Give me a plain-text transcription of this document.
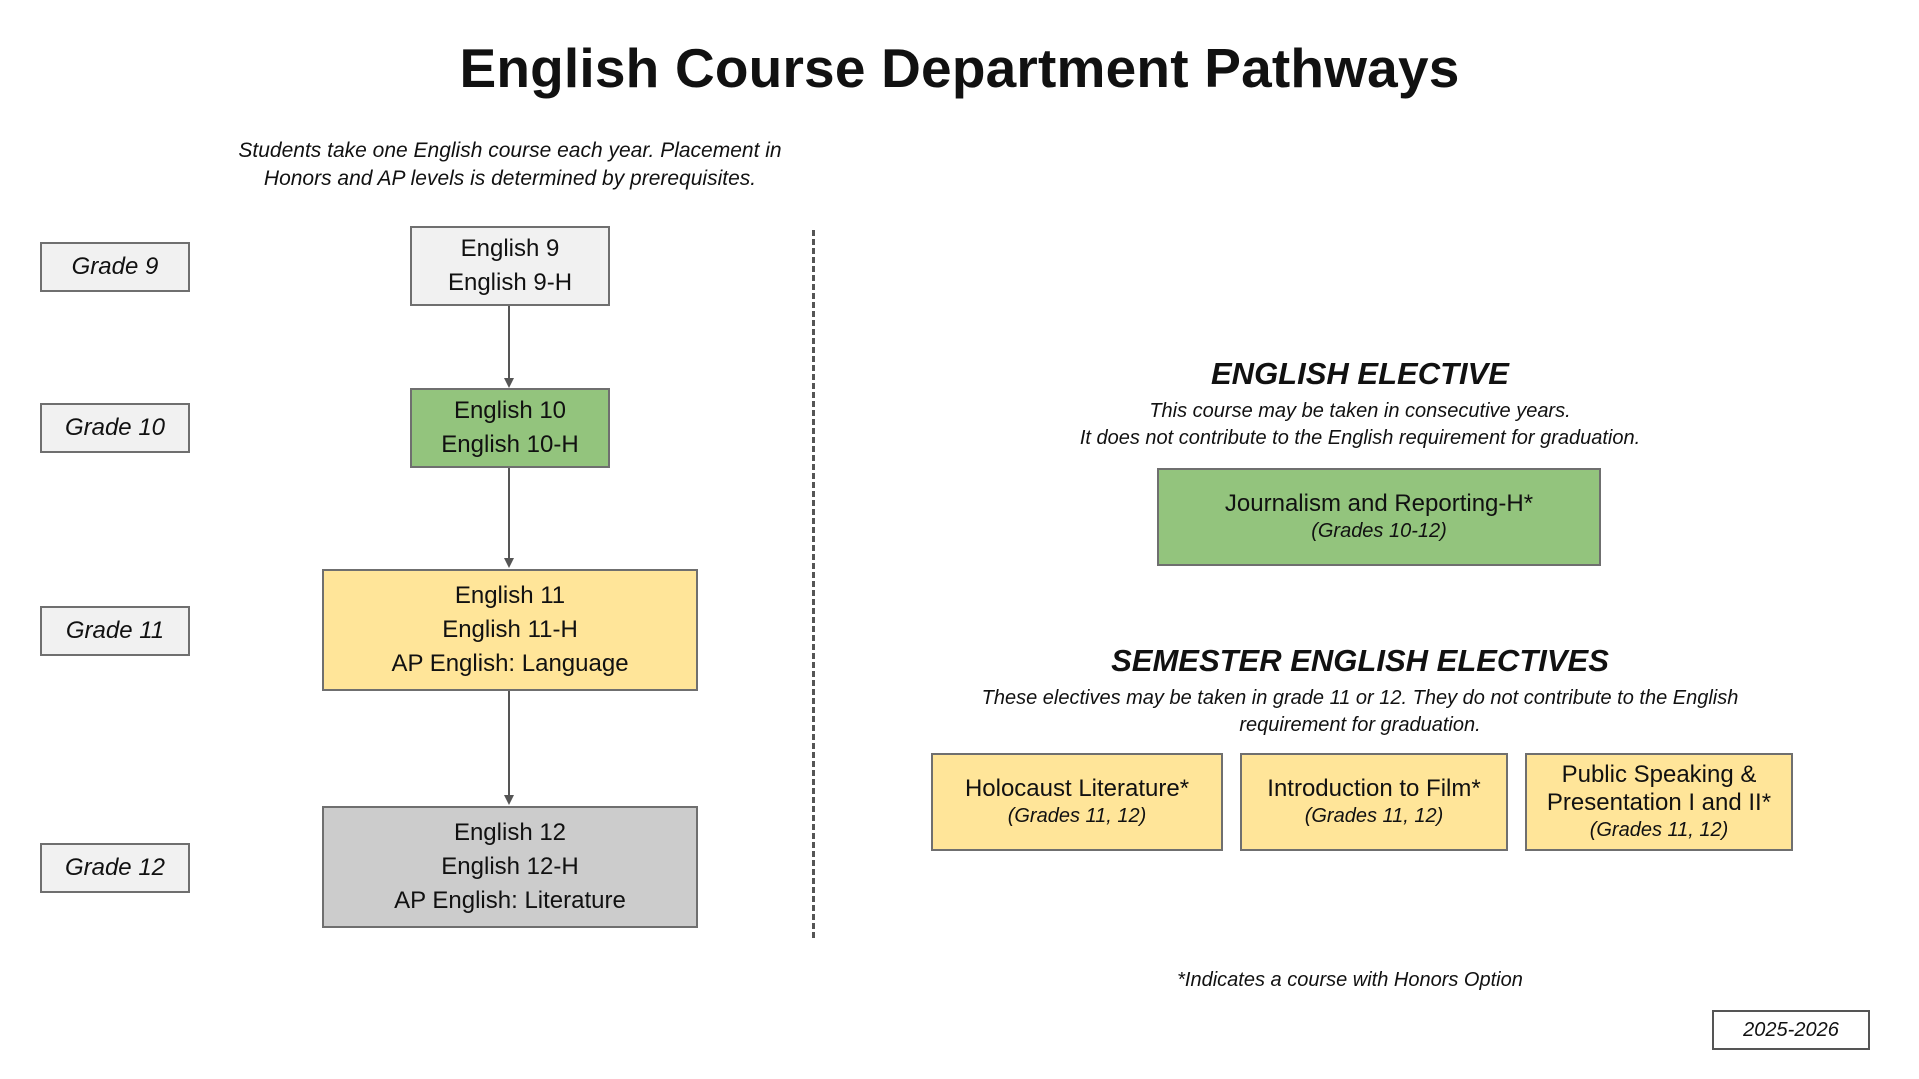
English Course Department Pathways
Students take one English course each year. Placement in
Honors and AP levels is determined by prerequisites.
Grade 9
Grade 10
Grade 11
Grade 12
English 9
English 9-H
English 10
English 10-H
English 11
English 11-H
AP English: Language
English 12
English 12-H
AP English: Literature
ENGLISH ELECTIVE
This course may be taken in consecutive years.
It does not contribute to the English requirement for graduation.
Journalism and Reporting-H*
(Grades 10-12)
SEMESTER ENGLISH ELECTIVES
These electives may be taken in grade 11 or 12. They do not contribute to the English
requirement for graduation.
Holocaust Literature*
(Grades 11, 12)
Introduction to Film*
(Grades 11, 12)
Public Speaking &
Presentation I and II*
(Grades 11, 12)
*Indicates a course with Honors Option
2025-2026
